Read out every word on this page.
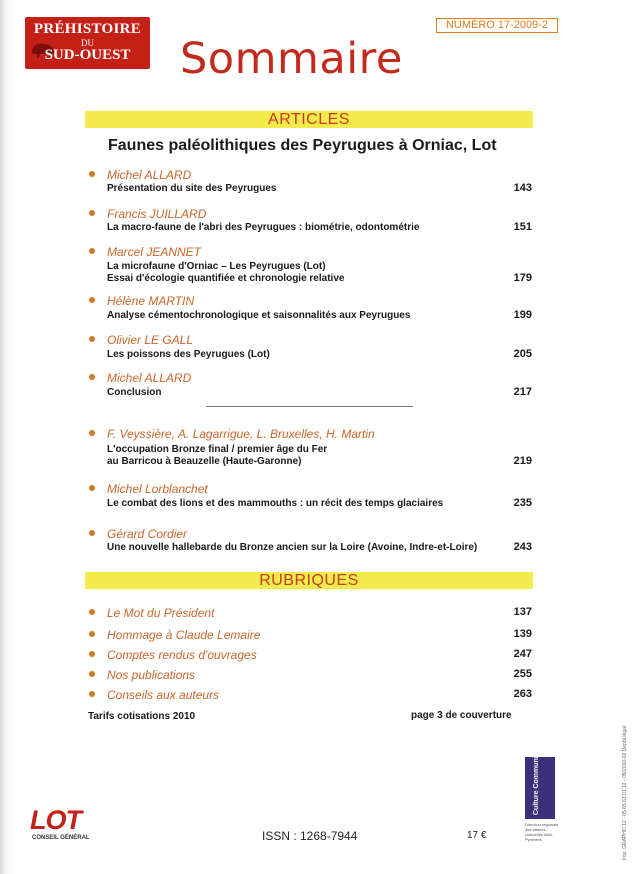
PRÉHISTOIRE
DU
SUD-OUEST
NUMÉRO 17-2009-2
Sommaire
ARTICLES
Faunes paléolithiques des Peyrugues à Orniac, Lot
Michel ALLARD
Présentation du site des Peyrugues	143
Francis JUILLARD
La macro-faune de l'abri des Peyrugues : biométrie, odontométrie	151
Marcel JEANNET
La microfaune d'Orniac – Les Peyrugues (Lot)
Essai d'écologie quantifiée et chronologie relative	179
Hélène MARTIN
Analyse cémentochronologique et saisonnalités aux Peyrugues	199
Olivier LE GALL
Les poissons des Peyrugues (Lot)	205
Michel ALLARD
Conclusion	217
F. Veyssière, A. Lagarrigue, L. Bruxelles, H. Martin
L'occupation Bronze final / premier âge du Fer
au Barricou à Beauzelle (Haute-Garonne)	219
Michel Lorblanchet
Le combat des lions et des mammouths : un récit des temps glaciaires	235
Gérard Cordier
Une nouvelle hallebarde du Bronze ancien sur la Loire (Avoine, Indre-et-Loire)	243
RUBRIQUES
Le Mot du Président	137
Hommage à Claude Lemaire	139
Comptes rendus d'ouvrages	247
Nos publications	255
Conseils aux auteurs	263
Tarifs cotisations 2010	page 3 de couverture
LOT
CONSEIL GÉNÉRAL	ISSN : 1268-7944	17 €
Culture Communication
Direction régionale des affaires culturelles Midi-Pyrénées	Imp. GRAPHO 12 - 05 65 63 01 12 - 09/2010-02 Dépôt légal
